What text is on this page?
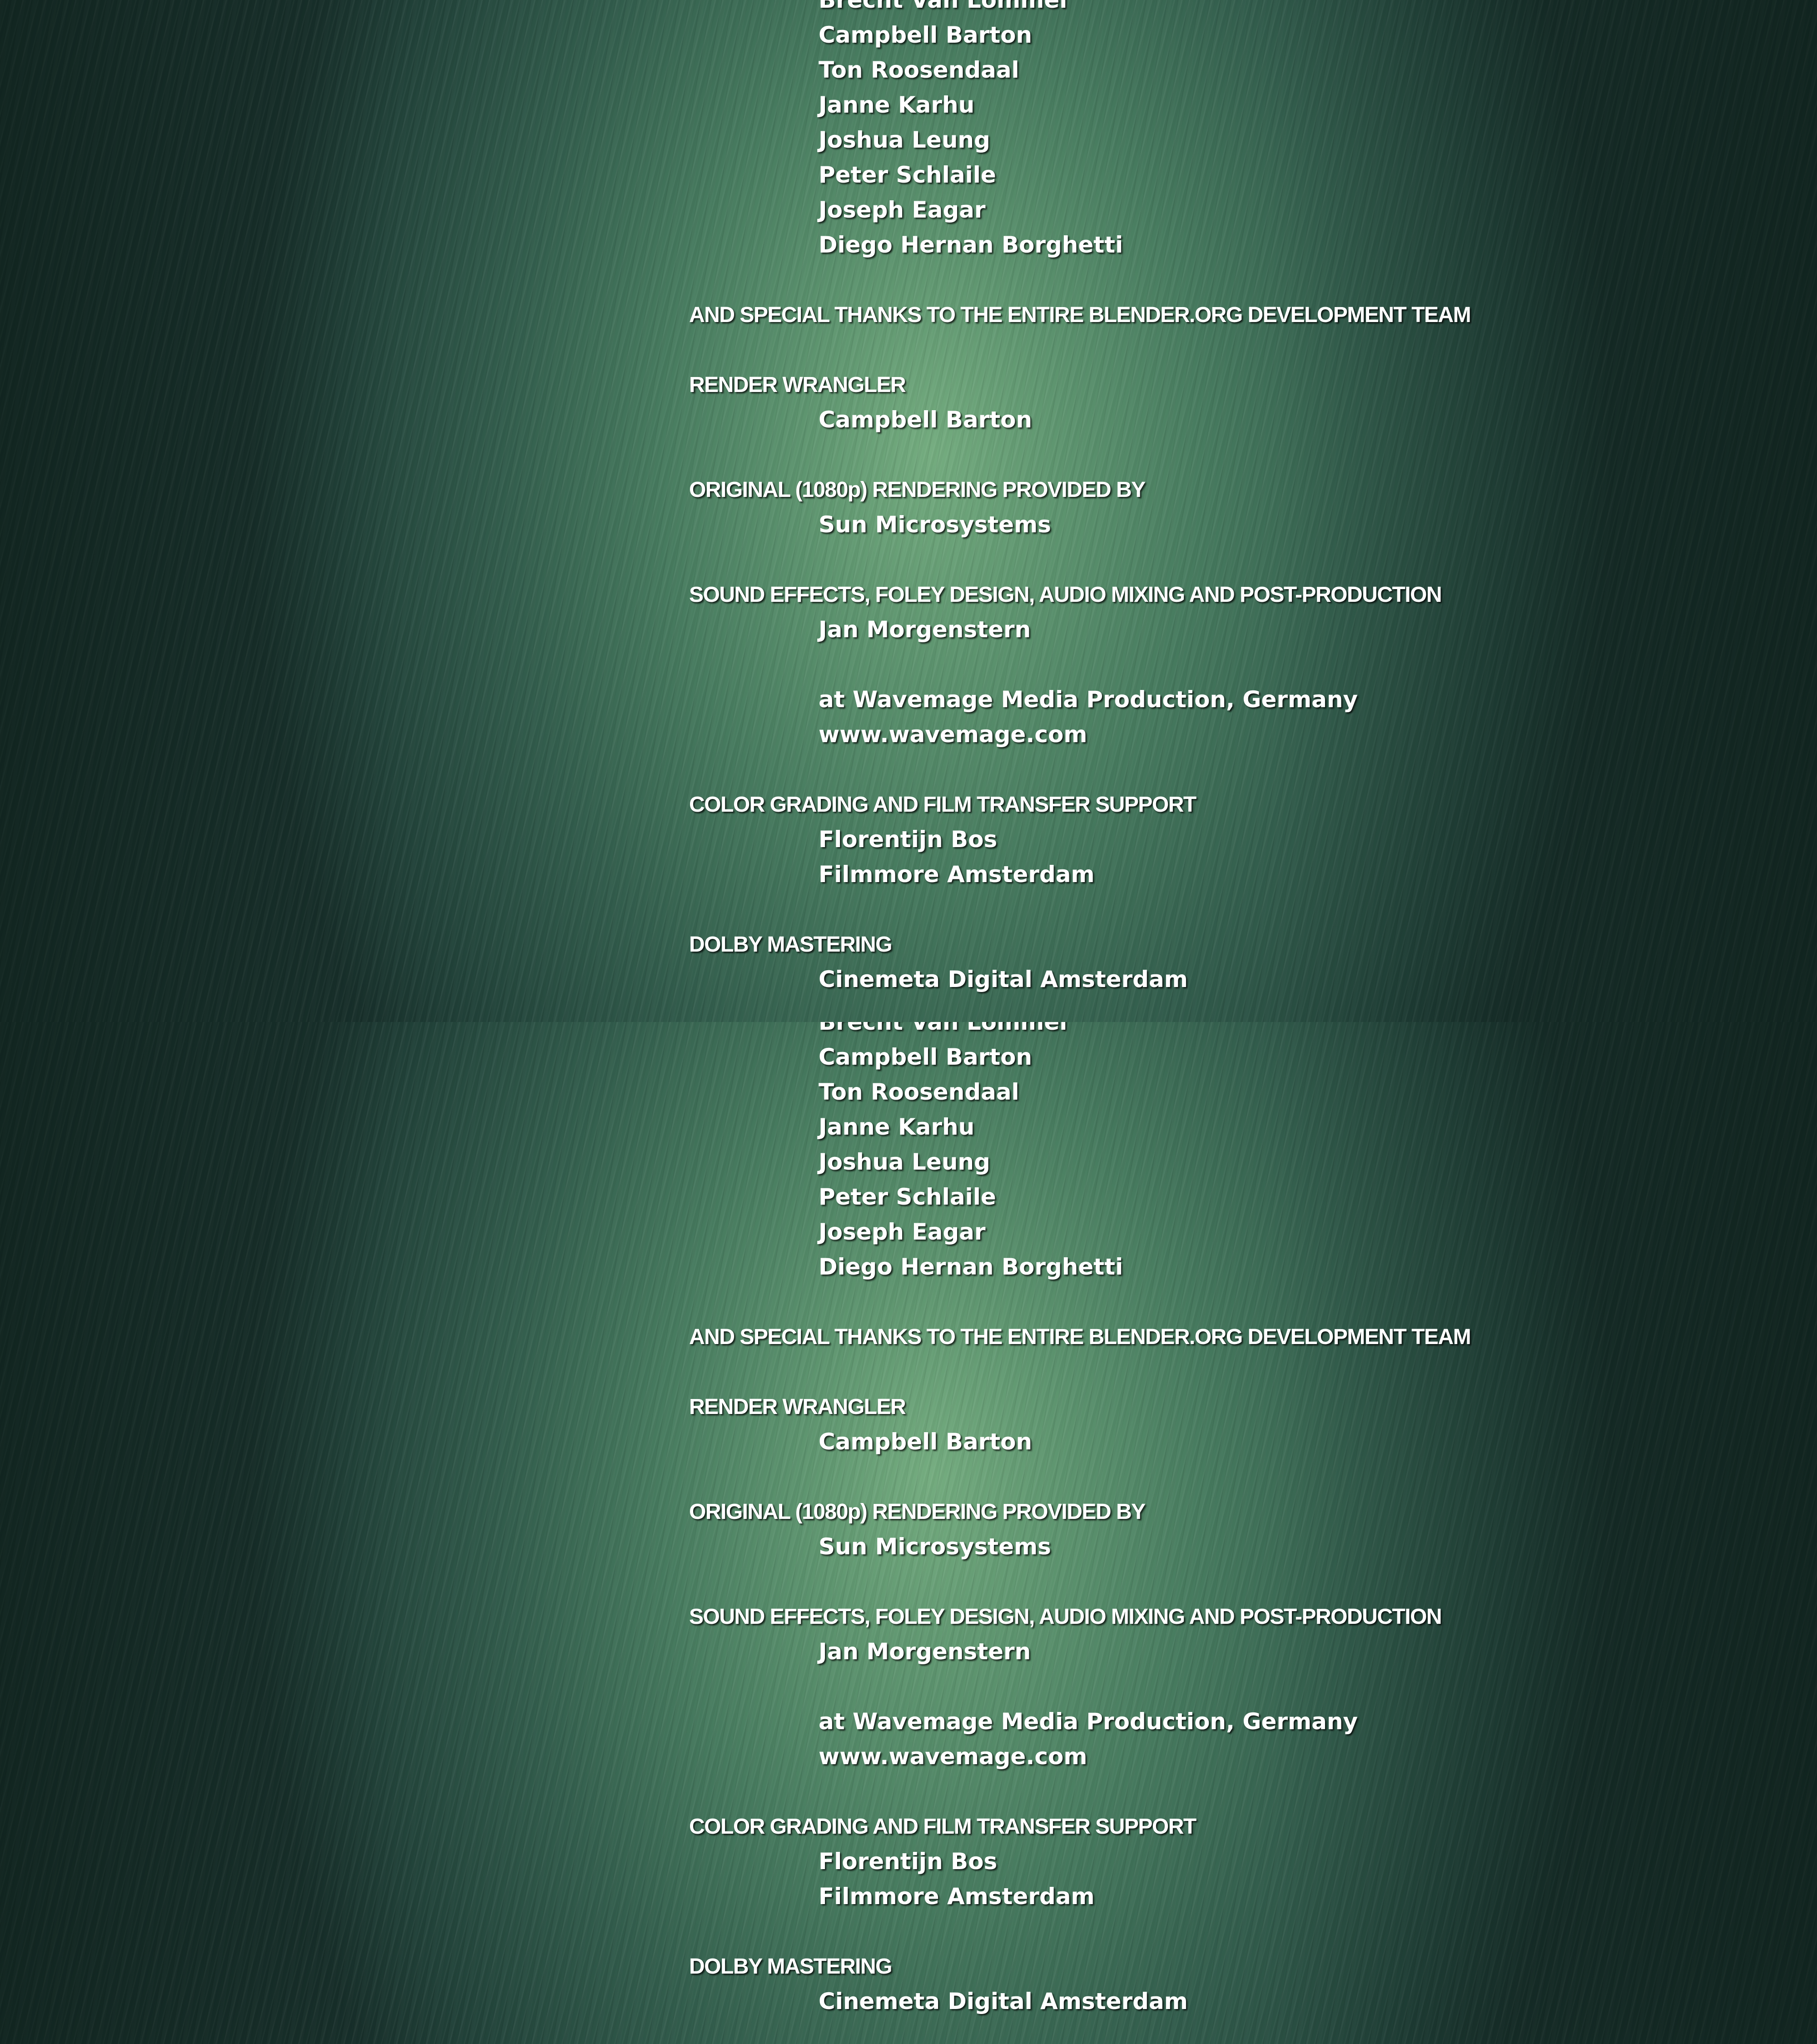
Brecht Van Lommel
Campbell Barton
Ton Roosendaal
Janne Karhu
Joshua Leung
Peter Schlaile
Joseph Eagar
Diego Hernan Borghetti
AND SPECIAL THANKS TO THE ENTIRE BLENDER.ORG DEVELOPMENT TEAM
RENDER WRANGLER
Campbell Barton
ORIGINAL (1080p) RENDERING PROVIDED BY
Sun Microsystems
SOUND EFFECTS, FOLEY DESIGN, AUDIO MIXING AND POST-PRODUCTION
Jan Morgenstern
at Wavemage Media Production, Germany
www.wavemage.com
COLOR GRADING AND FILM TRANSFER SUPPORT
Florentijn Bos
Filmmore Amsterdam
DOLBY MASTERING
Cinemeta Digital Amsterdam
Brecht Van Lommel
Campbell Barton
Ton Roosendaal
Janne Karhu
Joshua Leung
Peter Schlaile
Joseph Eagar
Diego Hernan Borghetti
AND SPECIAL THANKS TO THE ENTIRE BLENDER.ORG DEVELOPMENT TEAM
RENDER WRANGLER
Campbell Barton
ORIGINAL (1080p) RENDERING PROVIDED BY
Sun Microsystems
SOUND EFFECTS, FOLEY DESIGN, AUDIO MIXING AND POST-PRODUCTION
Jan Morgenstern
at Wavemage Media Production, Germany
www.wavemage.com
COLOR GRADING AND FILM TRANSFER SUPPORT
Florentijn Bos
Filmmore Amsterdam
DOLBY MASTERING
Cinemeta Digital Amsterdam
